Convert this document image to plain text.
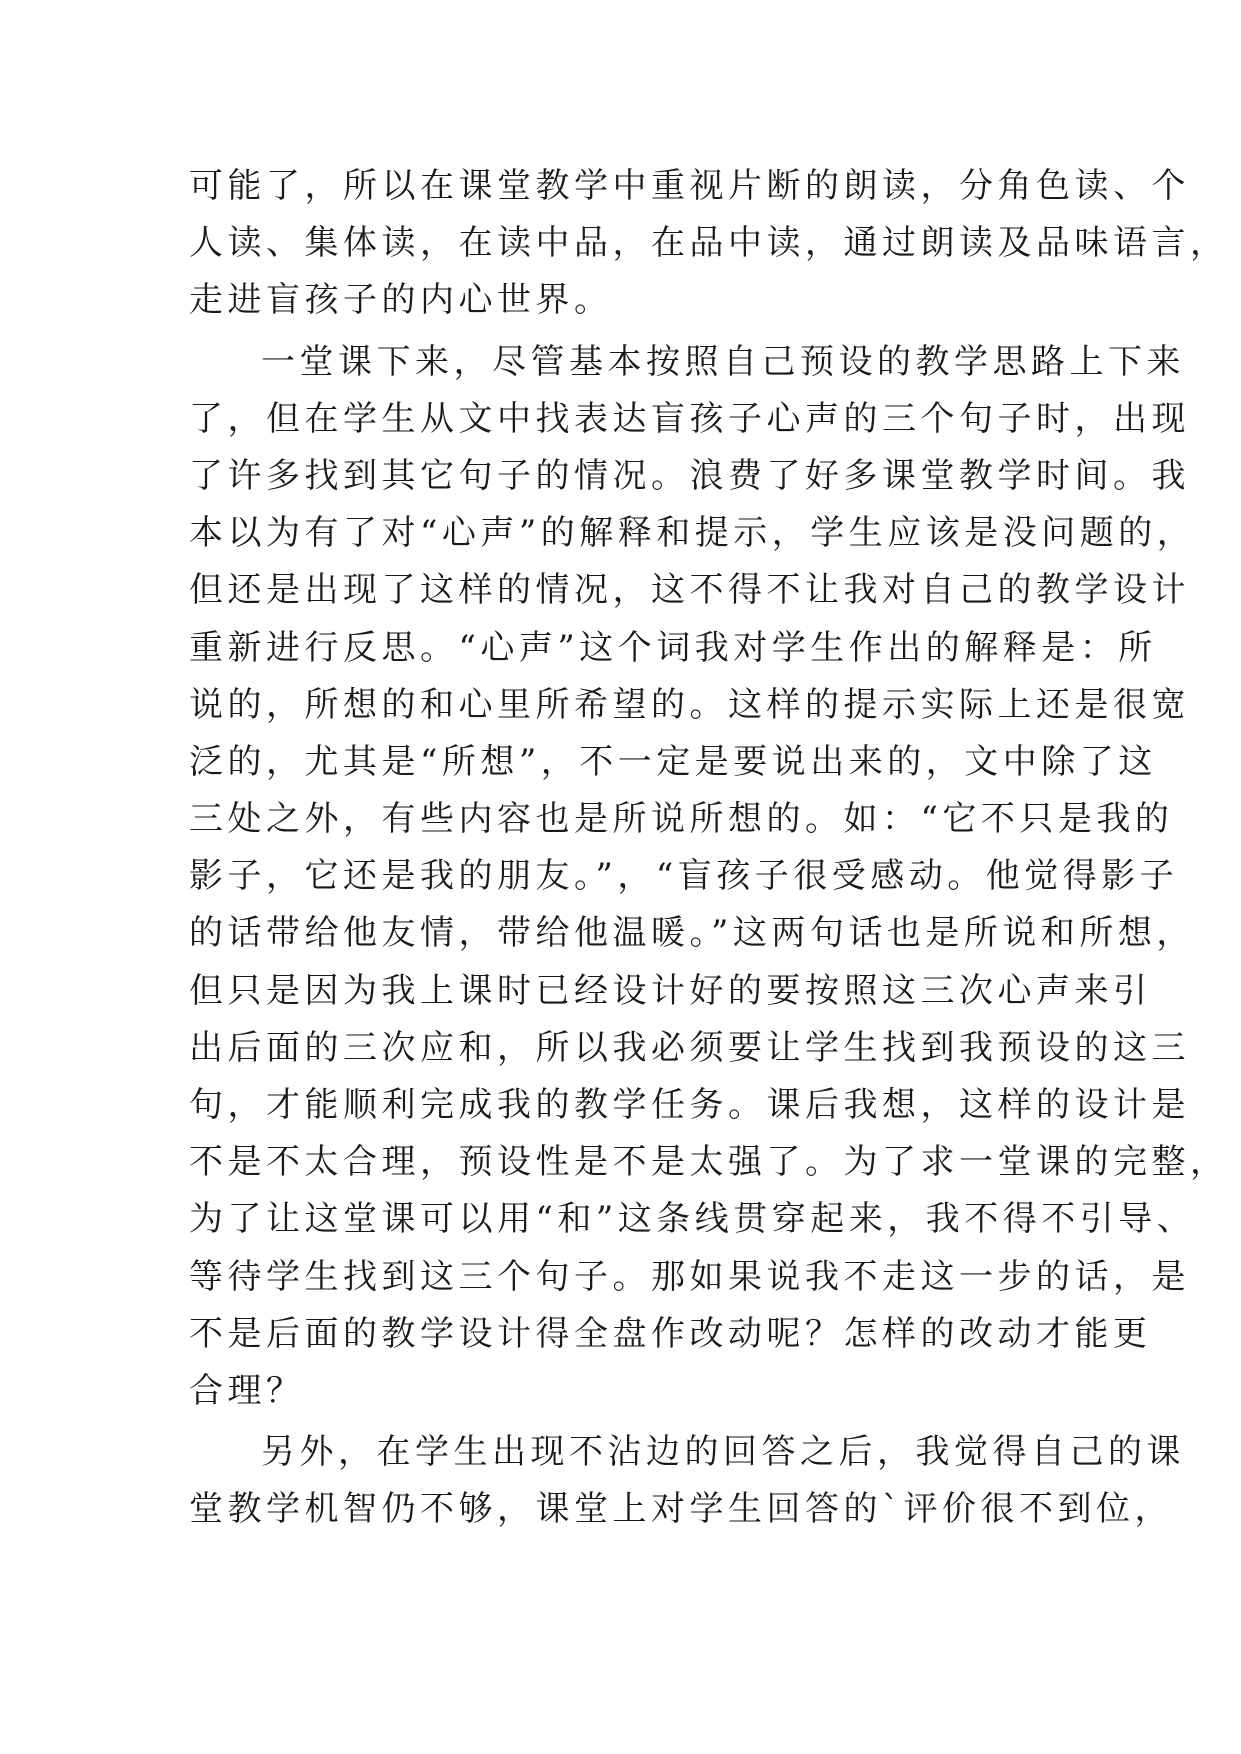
可能了，所以在课堂教学中重视片断的朗读，分角色读、个
人读、集体读，在读中品，在品中读，通过朗读及品味语言，
走进盲孩子的内心世界。
一堂课下来，尽管基本按照自己预设的教学思路上下来
了，但在学生从文中找表达盲孩子心声的三个句子时，出现
了许多找到其它句子的情况。浪费了好多课堂教学时间。我
本以为有了对“心声”的解释和提示，学生应该是没问题的，
但还是出现了这样的情况，这不得不让我对自己的教学设计
重新进行反思。“心声”这个词我对学生作出的解释是：所
说的，所想的和心里所希望的。这样的提示实际上还是很宽
泛的，尤其是“所想”，不一定是要说出来的，文中除了这
三处之外，有些内容也是所说所想的。如：“它不只是我的
影子，它还是我的朋友。”，“盲孩子很受感动。他觉得影子
的话带给他友情，带给他温暖。”这两句话也是所说和所想，
但只是因为我上课时已经设计好的要按照这三次心声来引
出后面的三次应和，所以我必须要让学生找到我预设的这三
句，才能顺利完成我的教学任务。课后我想，这样的设计是
不是不太合理，预设性是不是太强了。为了求一堂课的完整，
为了让这堂课可以用“和”这条线贯穿起来，我不得不引导、
等待学生找到这三个句子。那如果说我不走这一步的话，是
不是后面的教学设计得全盘作改动呢？怎样的改动才能更
合理？
另外，在学生出现不沾边的回答之后，我觉得自己的课
堂教学机智仍不够，课堂上对学生回答的`评价很不到位，
